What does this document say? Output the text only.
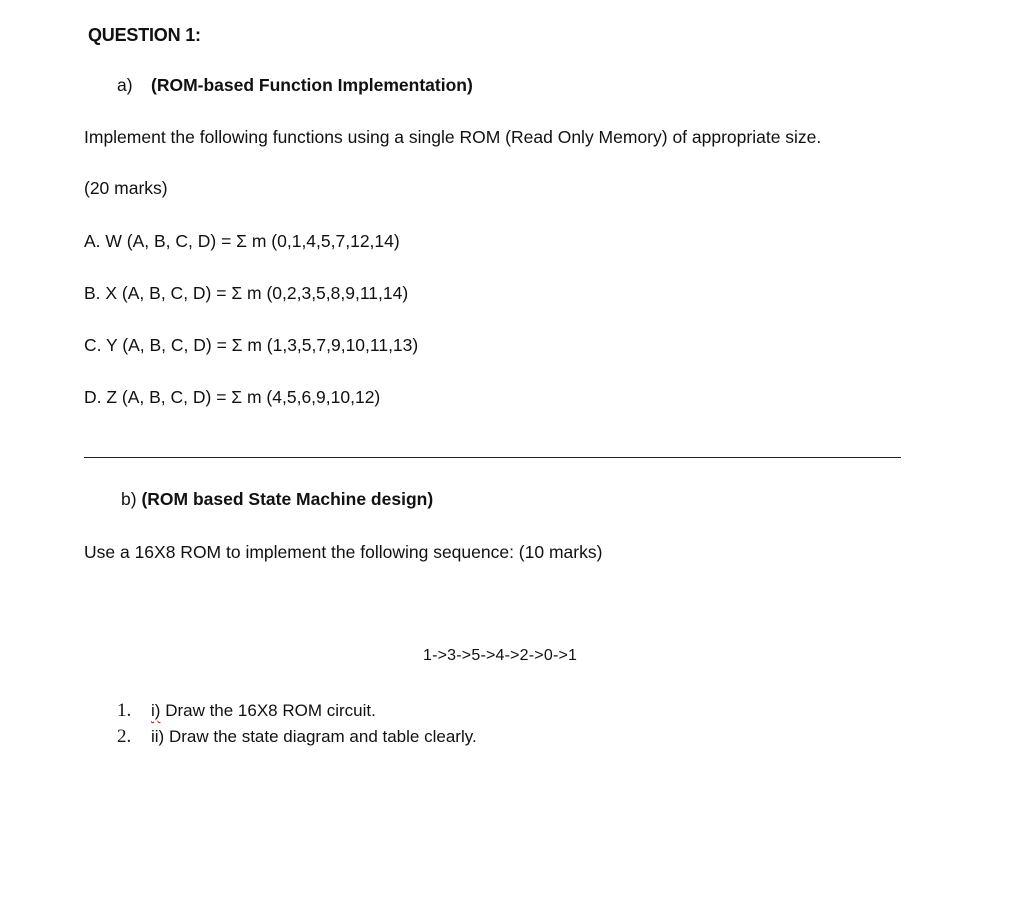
QUESTION 1:
a) (ROM-based Function Implementation)
Implement the following functions using a single ROM (Read Only Memory) of appropriate size.
(20 marks)
A. W (A, B, C, D) = Σ m (0,1,4,5,7,12,14)
B. X (A, B, C, D) = Σ m (0,2,3,5,8,9,11,14)
C. Y (A, B, C, D) = Σ m (1,3,5,7,9,10,11,13)
D. Z (A, B, C, D) = Σ m (4,5,6,9,10,12)
b) (ROM based State Machine design)
Use a 16X8 ROM to implement the following sequence: (10 marks)
1->3->5->4->2->0->1
1. i) Draw the 16X8 ROM circuit.
2. ii) Draw the state diagram and table clearly.
